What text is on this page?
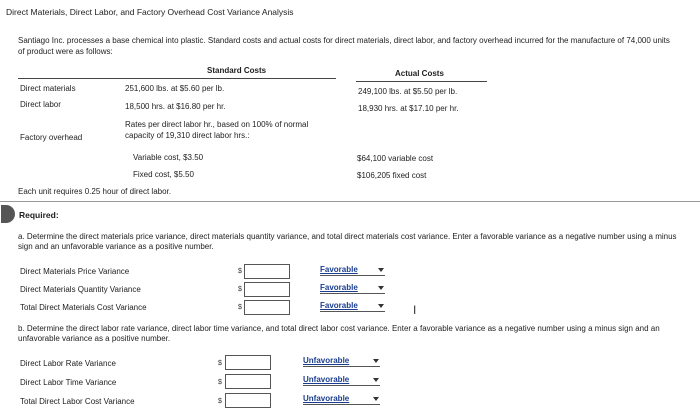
Direct Materials, Direct Labor, and Factory Overhead Cost Variance Analysis
Santiago Inc. processes a base chemical into plastic. Standard costs and actual costs for direct materials, direct labor, and factory overhead incurred for the manufacture of 74,000 units of product were as follows:
Standard Costs	Actual Costs
Direct materials	251,600 lbs. at $5.60 per lb.	249,100 lbs. at $5.50 per lb.
Direct labor	18,500 hrs. at $16.80 per hr.	18,930 hrs. at $17.10 per hr.
Rates per direct labor hr., based on 100% of normal
capacity of 19,310 direct labor hrs.:
Factory overhead
Variable cost, $3.50	$64,100 variable cost
Fixed cost, $5.50	$106,205 fixed cost
Each unit requires 0.25 hour of direct labor.
Required:
a. Determine the direct materials price variance, direct materials quantity variance, and total direct materials cost variance. Enter a favorable variance as a negative number using a minus sign and an unfavorable variance as a positive number.
Direct Materials Price Variance	$	Favorable
Direct Materials Quantity Variance	$	Favorable
Total Direct Materials Cost Variance	$	Favorable	I
b. Determine the direct labor rate variance, direct labor time variance, and total direct labor cost variance. Enter a favorable variance as a negative number using a minus sign and an unfavorable variance as a positive number.
Direct Labor Rate Variance	$	Unfavorable
Direct Labor Time Variance	$	Unfavorable
Total Direct Labor Cost Variance	$	Unfavorable
